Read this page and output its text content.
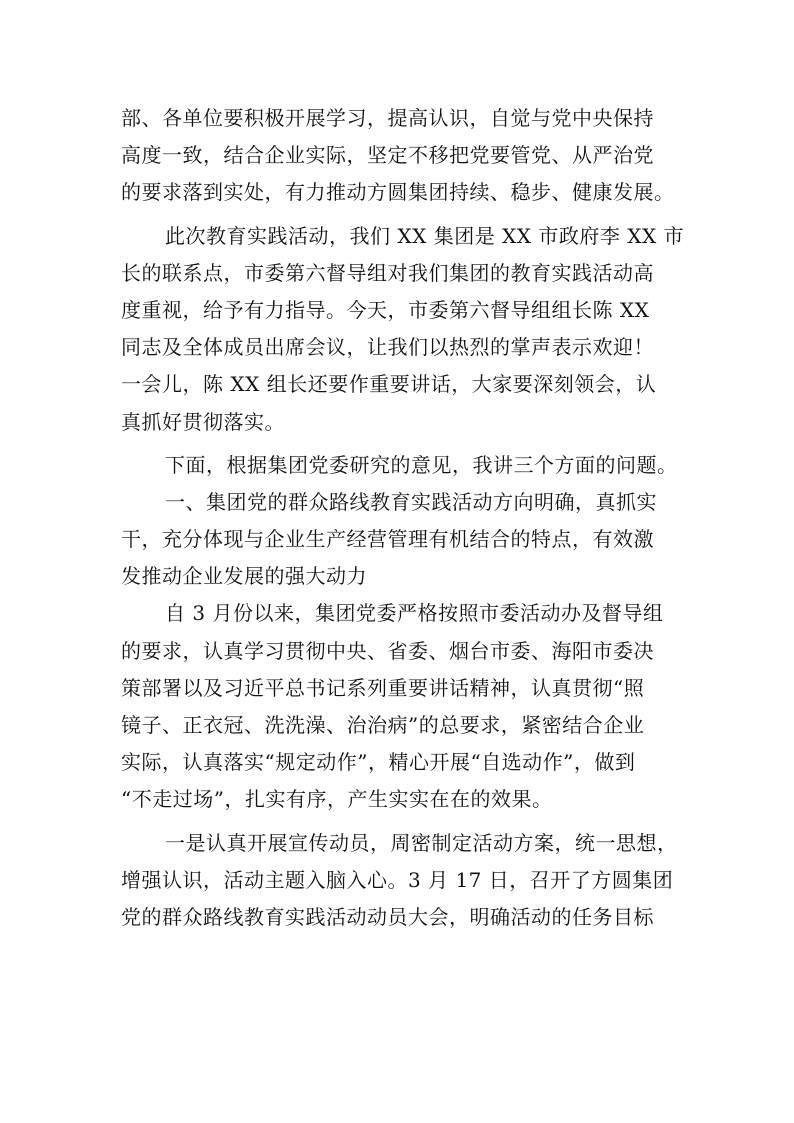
部、各单位要积极开展学习，提高认识，自觉与党中央保持
高度一致，结合企业实际，坚定不移把党要管党、从严治党
的要求落到实处，有力推动方圆集团持续、稳步、健康发展。
此次教育实践活动，我们 XX 集团是 XX 市政府李 XX 市
长的联系点，市委第六督导组对我们集团的教育实践活动高
度重视，给予有力指导。今天，市委第六督导组组长陈 XX
同志及全体成员出席会议，让我们以热烈的掌声表示欢迎！
一会儿，陈 XX 组长还要作重要讲话，大家要深刻领会，认
真抓好贯彻落实。
下面，根据集团党委研究的意见，我讲三个方面的问题。
一、集团党的群众路线教育实践活动方向明确，真抓实
干，充分体现与企业生产经营管理有机结合的特点，有效激
发推动企业发展的强大动力
自 3 月份以来，集团党委严格按照市委活动办及督导组
的要求，认真学习贯彻中央、省委、烟台市委、海阳市委决
策部署以及习近平总书记系列重要讲话精神，认真贯彻“照
镜子、正衣冠、洗洗澡、治治病”的总要求，紧密结合企业
实际，认真落实“规定动作”，精心开展“自选动作”，做到
“不走过场”，扎实有序，产生实实在在的效果。
一是认真开展宣传动员，周密制定活动方案，统一思想，
增强认识，活动主题入脑入心。3 月 17 日，召开了方圆集团
党的群众路线教育实践活动动员大会，明确活动的任务目标
